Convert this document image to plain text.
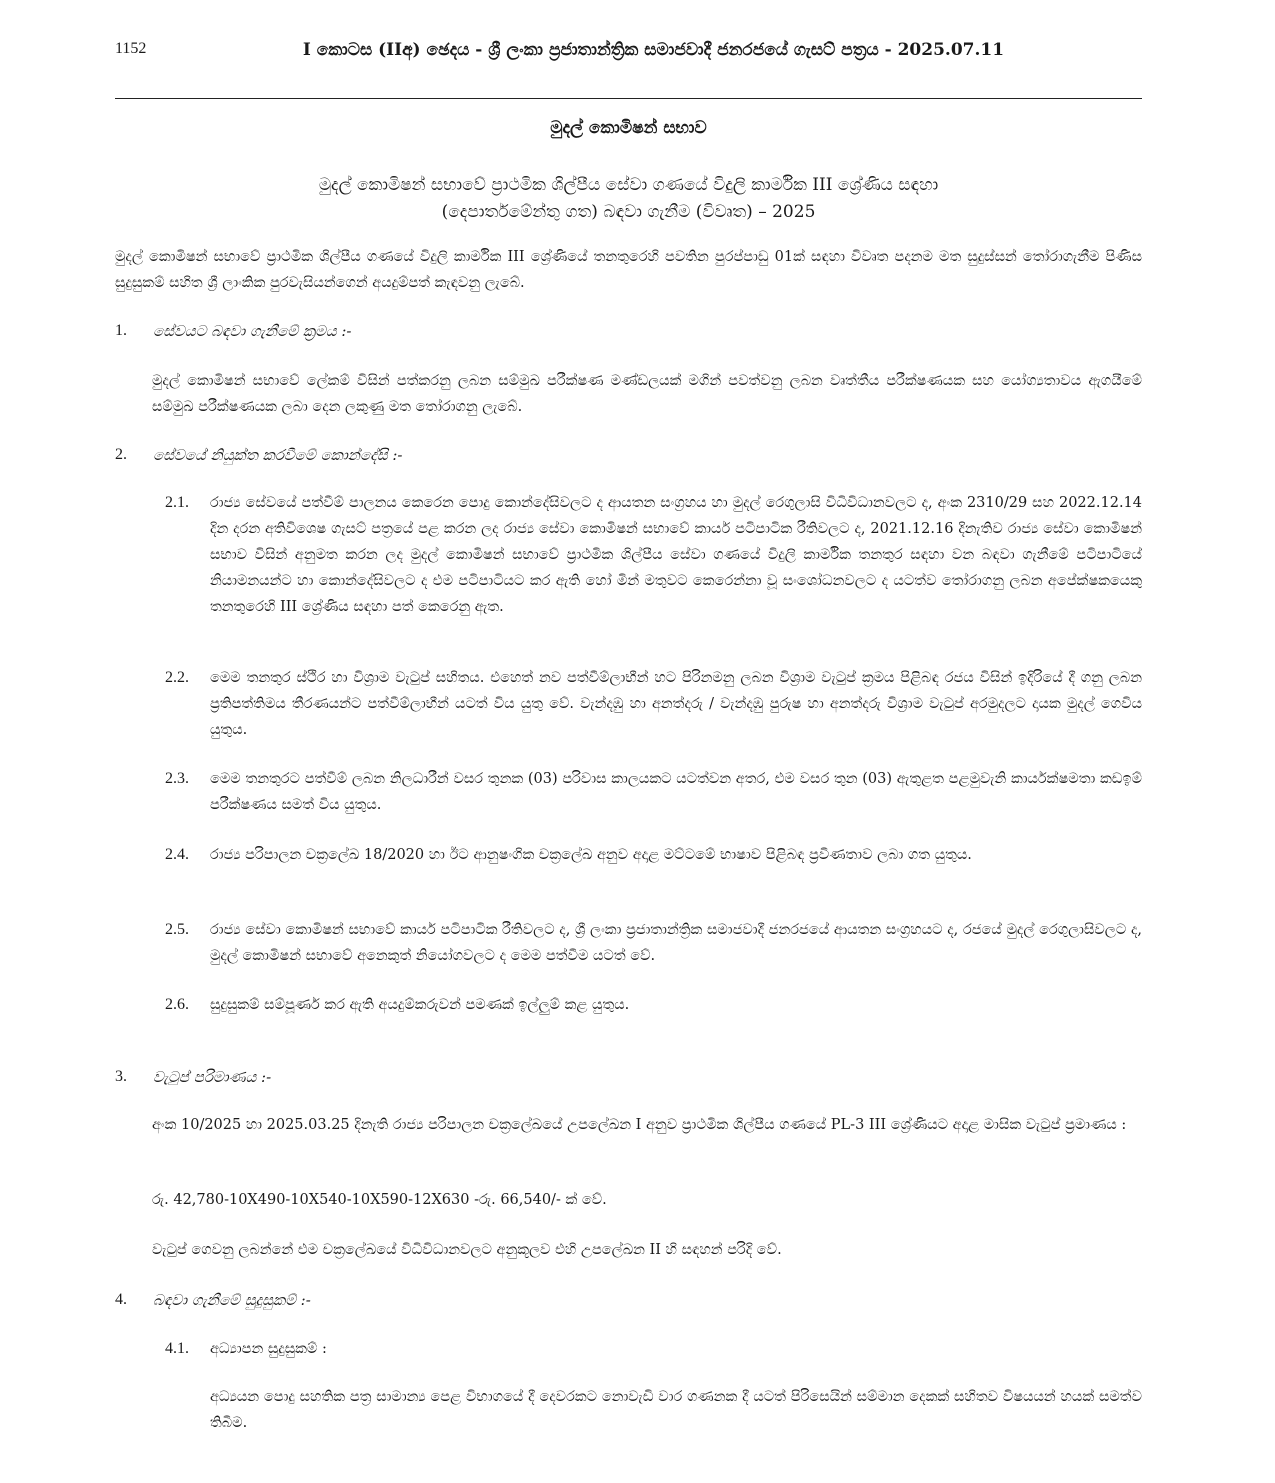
1152	I කොටස (IIඅ) ඡෙදය - ශ්‍රී ලංකා ප්‍රජාතාන්ත්‍රික සමාජවාදී ජනරජයේ ගැසට් පත්‍රය - 2025.07.11
මුදල් කොමිෂන් සභාව
මුදල් කොමිෂන් සභාවේ ප්‍රාථමික ශිල්පීය සේවා ගණයේ විදුලි කාර්මික III ශ්‍රේණිය සඳහා
(දෙපාර්තමේන්තු ගත) බඳවා ගැනීම (විවෘත) – 2025
මුදල් කොමිෂන් සභාවේ ප්‍රාථමික ශිල්පීය ගණයේ විදුලි කාර්මික III ශ්‍රේණියේ තනතුරෙහි පවතින පුරප්පාඩු 01ක් සඳහා විවෘත පදනම මත සුදුස්සන් තෝරාගැනීම පිණිස සුදුසුකම් සහිත ශ්‍රී ලාංකික පුරවැසියන්ගෙන් අයදුම්පත් කැඳවනු ලැබේ.
1. සේවයට බඳවා ගැනීමේ ක්‍රමය :-
මුදල් කොමිෂන් සභාවේ ලේකම් විසින් පත්කරනු ලබන සම්මුඛ පරීක්ෂණ මණ්ඩලයක් මගින් පවත්වනු ලබන වෘත්තීය පරීක්ෂණයක සහ යෝග්‍යතාවය ඇගයීමේ සම්මුඛ පරීක්ෂණයක ලබා දෙන ලකුණු මත තෝරාගනු ලැබේ.
2. සේවයේ නියුක්ත කරවීමේ කොන්දේසි :-
2.1. රාජ්‍ය සේවයේ පත්වීම් පාලනය කෙරෙන පොදු කොන්දේසිවලට ද ආයතන සංග්‍රහය හා මුදල් රෙගුලාසි විධිවිධානවලට ද, අංක 2310/29 සහ 2022.12.14 දින දරන අතිවිශෙෂ ගැසට් පත්‍රයේ පළ කරන ලද රාජ්‍ය සේවා කොමිෂන් සභාවේ කාර්ය පටිපාටික රීතිවලට ද, 2021.12.16 දිනැතිව රාජ්‍ය සේවා කොමිෂන් සභාව විසින් අනුමත කරන ලද මුදල් කොමිෂන් සභාවේ ප්‍රාථමික ශිල්පීය සේවා ගණයේ විදුලි කාර්මික තනතුර සඳහා වන බඳවා ගැනීමේ පටිපාටියේ නියාමනයන්ට හා කොන්දේසිවලට ද එම පටිපාටියට කර ඇති හෝ මින් මතුවට කෙරෙන්නා වූ සංශෝධනවලට ද යටත්ව තෝරාගනු ලබන අපේක්ෂකයෙකු තනතුරෙහි III ශ්‍රේණිය සඳහා පත් කෙරෙනු ඇත.
2.2. මෙම තනතුර ස්ථිර හා විශ්‍රාම වැටුප් සහිතය. එහෙත් නව පත්වීම්ලාභීන් හට පිරිනමනු ලබන විශ්‍රාම වැටුප් ක්‍රමය පිළිබඳ රජය විසින් ඉදිරියේ දී ගනු ලබන ප්‍රතිපත්තිමය තීරණයන්ට පත්වීම්ලාභීන් යටත් විය යුතු වේ. වැන්දඹු හා අනත්දරු / වැන්දඹු පුරුෂ හා අනත්දරු විශ්‍රාම වැටුප් අරමුදලට දායක මුදල් ගෙවිය යුතුය.
2.3. මෙම තනතුරට පත්වීම් ලබන නිලධාරීන් වසර තුනක (03) පරිවාස කාලයකට යටත්වන අතර, එම වසර තුන (03) ඇතුළත පළමුවැනි කාර්යක්ෂමතා කඩඉම් පරීක්ෂණය සමත් විය යුතුය.
2.4. රාජ්‍ය පරිපාලන චක්‍රලේඛ 18/2020 හා ඊට ආනුෂංගික චක්‍රලේඛ අනුව අදාළ මට්ටමේ භාෂාව පිළිබඳ ප්‍රවීණතාව ලබා ගත යුතුය.
2.5. රාජ්‍ය සේවා කොමිෂන් සභාවේ කාර්ය පටිපාටික රීතිවලට ද, ශ්‍රී ලංකා ප්‍රජාතාන්ත්‍රික සමාජවාදී ජනරජයේ ආයතන සංග්‍රහයට ද, රජයේ මුදල් රෙගුලාසිවලට ද, මුදල් කොමිෂන් සභාවේ අනෙකුත් නියෝගවලට ද මෙම පත්වීම යටත් වේ.
2.6. සුදුසුකම් සම්පූර්ණ කර ඇති අයදුම්කරුවන් පමණක් ඉල්ලුම් කළ යුතුය.
3. වැටුප් පරිමාණය :-
අංක 10/2025 හා 2025.03.25 දිනැති රාජ්‍ය පරිපාලන චක්‍රලේඛයේ උපලේඛන I අනුව ප්‍රාථමික ශිල්පීය ගණයේ PL-3 III ශ්‍රේණියට අදාළ මාසික වැටුප් ප්‍රමාණය :
රු. 42,780-10X490-10X540-10X590-12X630 -රු. 66,540/- ක් වේ.
වැටුප් ගෙවනු ලබන්නේ එම චක්‍රලේඛයේ විධිවිධානවලට අනුකූලව එහි උපලේඛන II හි සඳහන් පරිදි වේ.
4. බඳවා ගැනීමේ සුදුසුකම් :-
4.1. අධ්‍යාපන සුදුසුකම් :
අධ්‍යයන පොදු සහතික පත්‍ර සාමාන්‍ය පෙළ විභාගයේ දී දෙවරකට නොවැඩි වාර ගණනක දී යටත් පිරිසෙයින් සම්මාන දෙකක් සහිතව විෂයයන් හයක් සමත්ව තිබීම.
